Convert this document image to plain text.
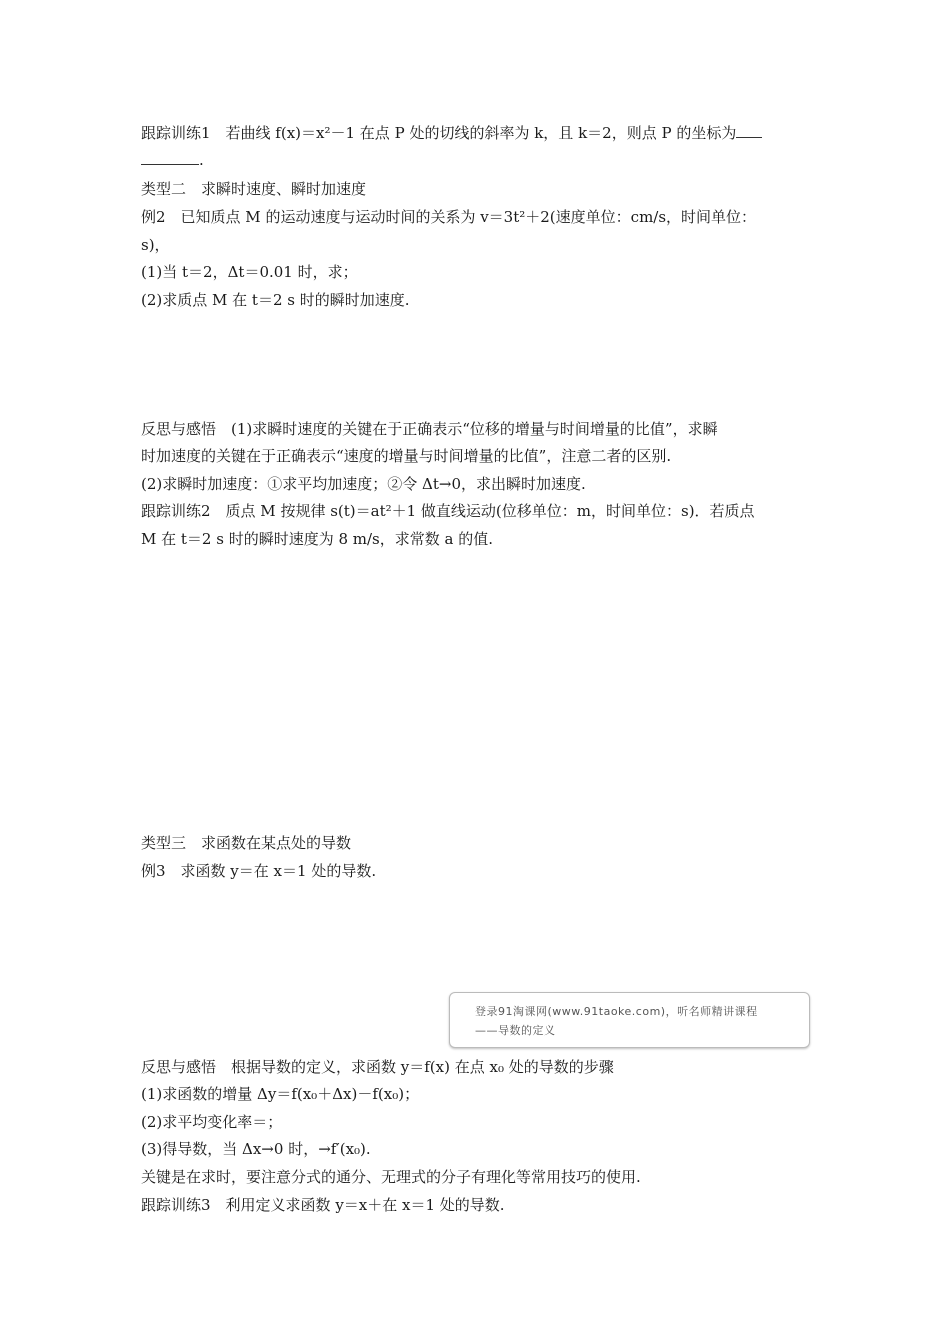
跟踪训练1　若曲线 f(x)＝x²－1 在点 P 处的切线的斜率为 k，且 k＝2，则点 P 的坐标为
.
类型二　求瞬时速度、瞬时加速度
例2　已知质点 M 的运动速度与运动时间的关系为 v＝3t²＋2(速度单位：cm/s，时间单位：
s)，
(1)当 t＝2，Δt＝0.01 时，求；
(2)求质点 M 在 t＝2 s 时的瞬时加速度.
反思与感悟　(1)求瞬时速度的关键在于正确表示“位移的增量与时间增量的比值”，求瞬
时加速度的关键在于正确表示“速度的增量与时间增量的比值”，注意二者的区别.
(2)求瞬时加速度：①求平均加速度；②令 Δt→0，求出瞬时加速度.
跟踪训练2　质点 M 按规律 s(t)＝at²＋1 做直线运动(位移单位：m，时间单位：s)．若质点
M 在 t＝2 s 时的瞬时速度为 8 m/s，求常数 a 的值.
类型三　求函数在某点处的导数
例3　求函数 y＝在 x＝1 处的导数.
登录91淘课网(www.91taoke.com)，听名师精讲课程
——导数的定义
反思与感悟　根据导数的定义，求函数 y＝f(x) 在点 x₀ 处的导数的步骤
(1)求函数的增量 Δy＝f(x₀＋Δx)－f(x₀)；
(2)求平均变化率＝；
(3)得导数，当 Δx→0 时，→f′(x₀).
关键是在求时，要注意分式的通分、无理式的分子有理化等常用技巧的使用.
跟踪训练3　利用定义求函数 y＝x＋在 x＝1 处的导数.
